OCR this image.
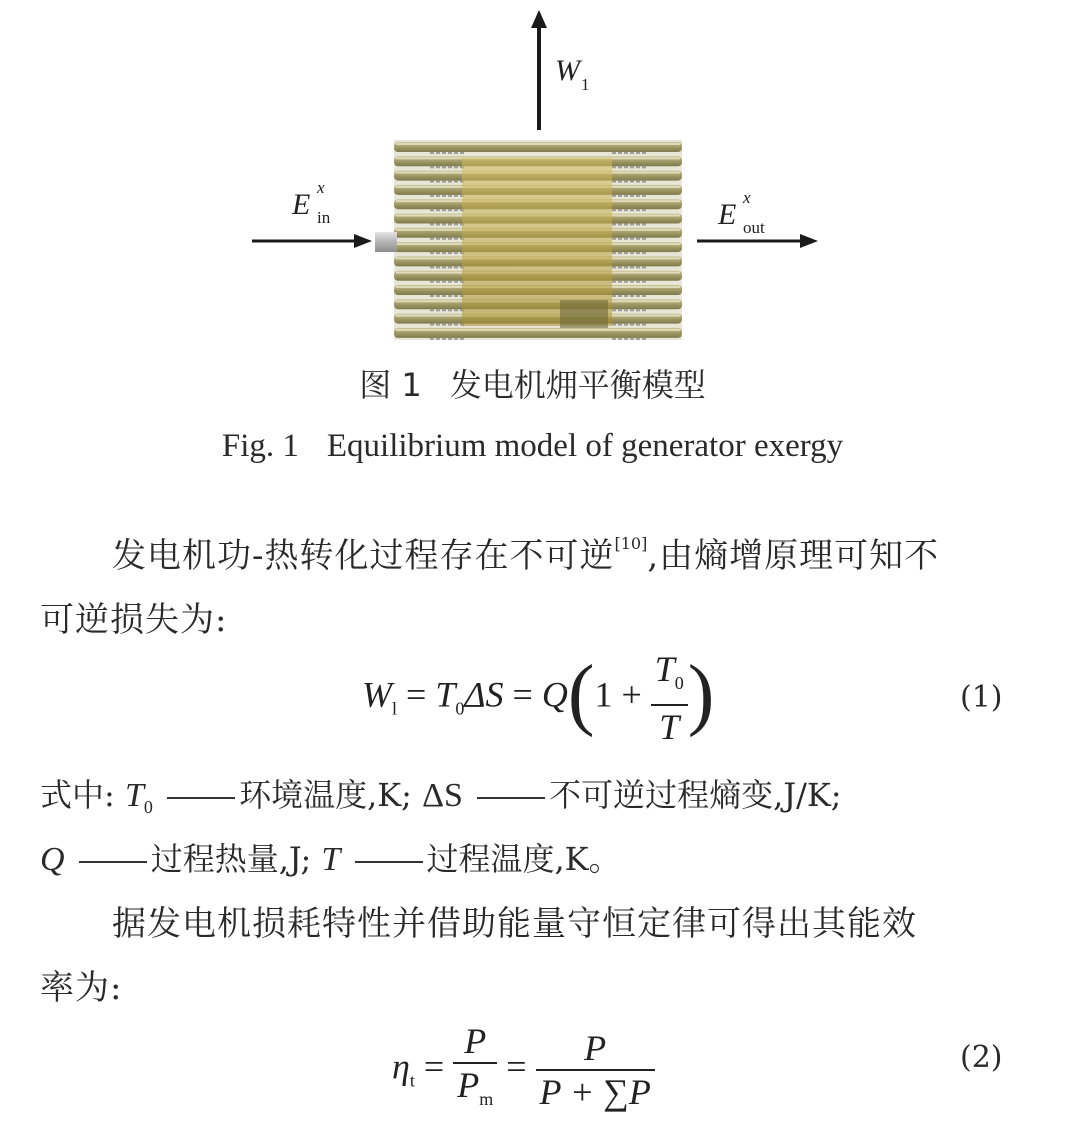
W1
E
x
in	E
x
out
图 1 发电机㶲平衡模型
Fig. 1 Equilibrium model of generator exergy
发电机功-热转化过程存在不可逆[10],由熵增原理可知不
可逆损失为:
$W_l = T_0\Delta S = Q(1 + \frac{T_0}{T}$ )	(1)
式中: $T_0$	环境温度,K; ΔS	不可逆过程熵变,J/K;
Q	过程热量,J; T	过程温度,K。
据发电机损耗特性并借助能量守恒定律可得出其能效
率为:
$\eta_t = \frac{P}{P_m} = \frac{P}{P + \sum P}$	(2)
